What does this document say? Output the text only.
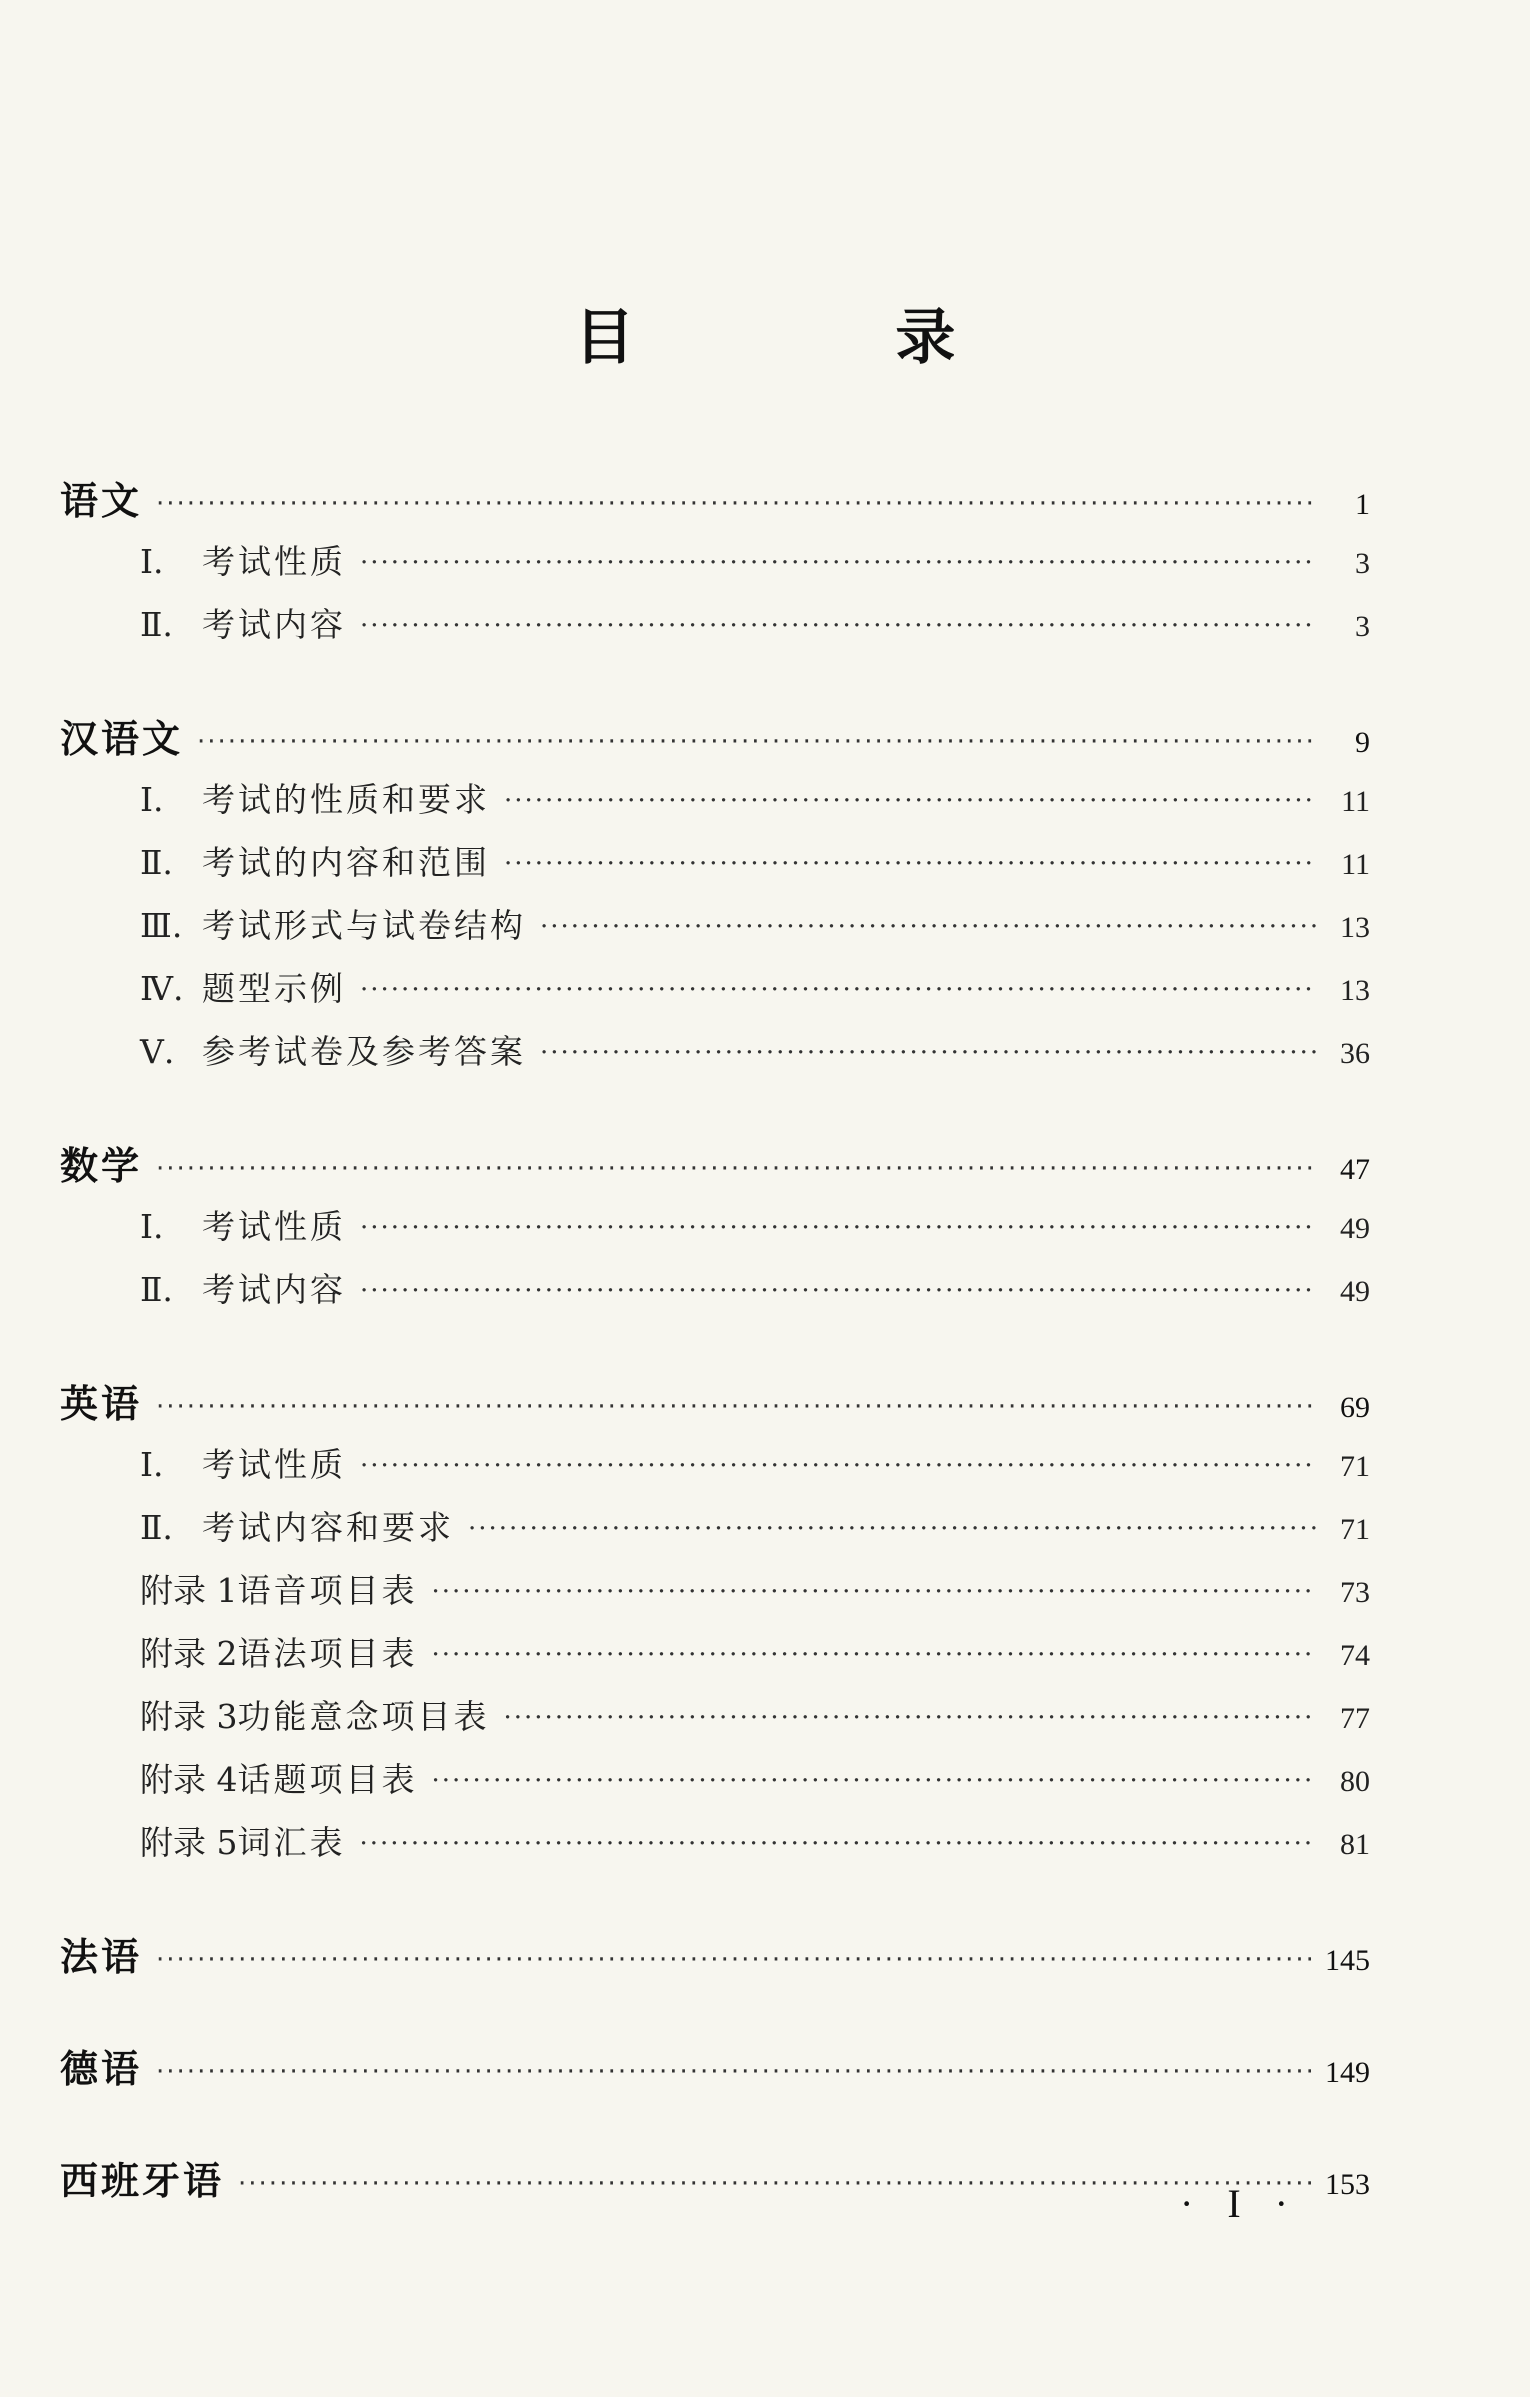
目 录
语文 ·····	1
Ⅰ.	考试性质 ·····	3
Ⅱ. 考试内容 ·····	3
汉语文 ·····	9
Ⅰ.	考试的性质和要求 ·····	11
Ⅱ. 考试的内容和范围 ·····	11
Ⅲ. 考试形式与试卷结构 ·····	13
Ⅳ. 题型示例 ·····	13
Ⅴ. 参考试卷及参考答案 ·····	36
数学 ·····	47
Ⅰ.	考试性质 ·····	49
Ⅱ. 考试内容 ·····	49
英语 ·····	69
Ⅰ.	考试性质 ·····	71
Ⅱ. 考试内容和要求 ·····	71
附录 1 语音项目表 ·····	73
附录 2 语法项目表 ·····	74
附录 3 功能意念项目表 ·····	77
附录 4 话题项目表 ·····	80
附录 5 词汇表 ·····	81
法语 ·····	145
德语 ·····	149
西班牙语 ·····	153
· I ·
